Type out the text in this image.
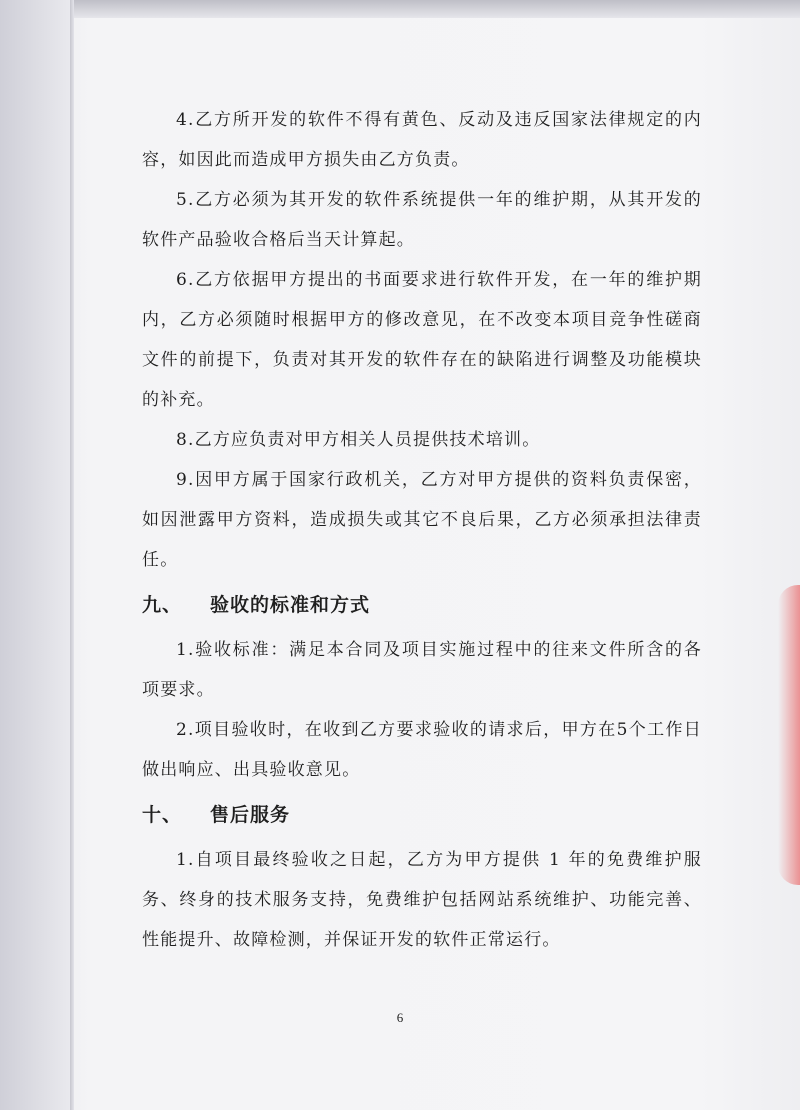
4.乙方所开发的软件不得有黄色、反动及违反国家法律规定的内容，如因此而造成甲方损失由乙方负责。

5.乙方必须为其开发的软件系统提供一年的维护期，从其开发的软件产品验收合格后当天计算起。

6.乙方依据甲方提出的书面要求进行软件开发，在一年的维护期内，乙方必须随时根据甲方的修改意见，在不改变本项目竞争性磋商文件的前提下，负责对其开发的软件存在的缺陷进行调整及功能模块的补充。

8.乙方应负责对甲方相关人员提供技术培训。

9.因甲方属于国家行政机关，乙方对甲方提供的资料负责保密，如因泄露甲方资料，造成损失或其它不良后果，乙方必须承担法律责任。

九、 验收的标准和方式

1.验收标准：满足本合同及项目实施过程中的往来文件所含的各项要求。

2.项目验收时，在收到乙方要求验收的请求后，甲方在5个工作日做出响应、出具验收意见。

十、 售后服务

1.自项目最终验收之日起，乙方为甲方提供 1 年的免费维护服务、终身的技术服务支持，免费维护包括网站系统维护、功能完善、性能提升、故障检测，并保证开发的软件正常运行。

6
